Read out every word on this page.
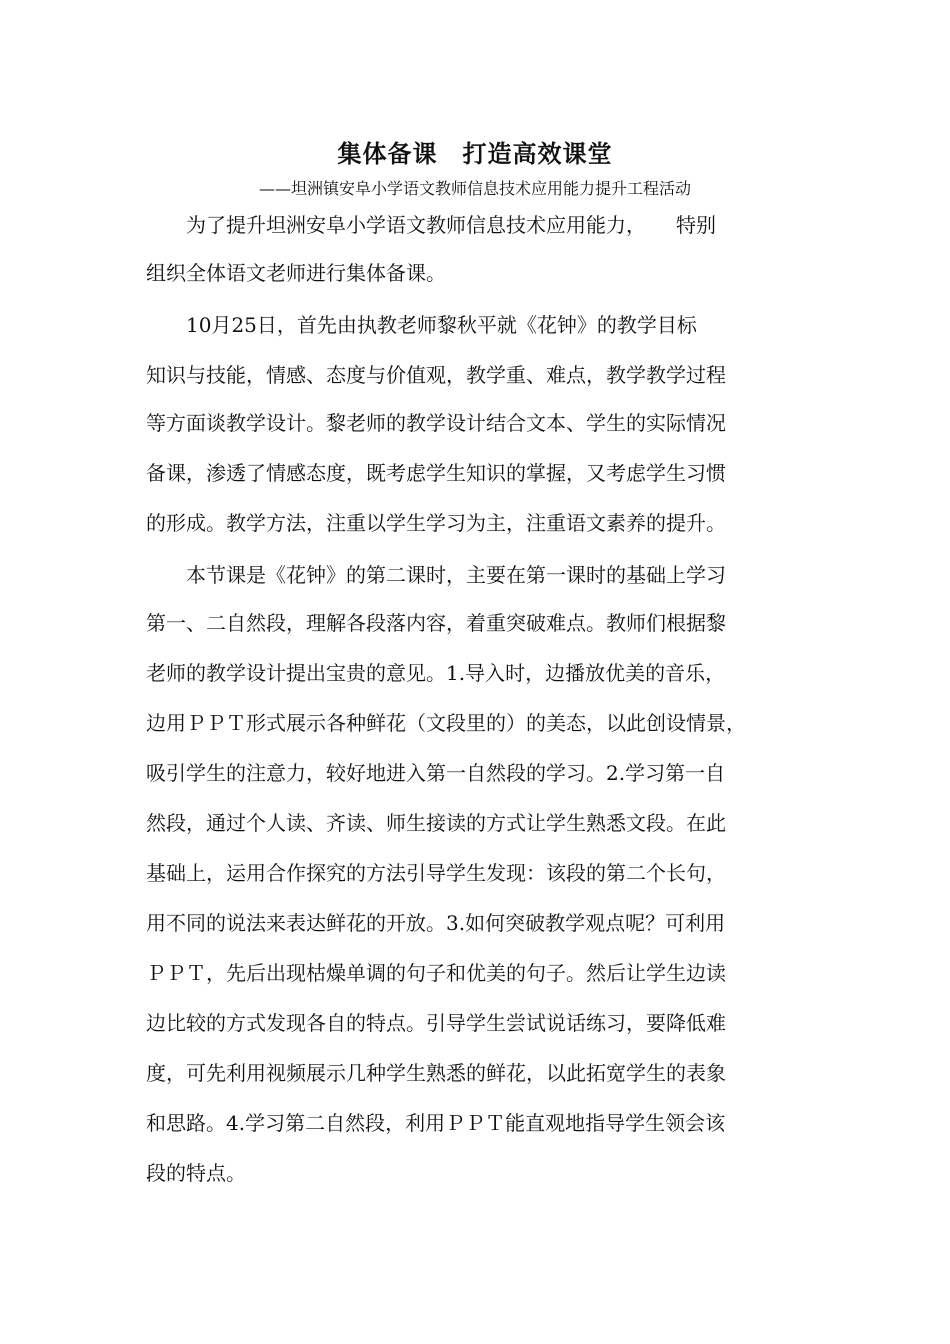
集体备课　打造高效课堂
——坦洲镇安阜小学语文教师信息技术应用能力提升工程活动
　　为了提升坦洲安阜小学语文教师信息技术应用能力，　　特别
组织全体语文老师进行集体备课。
　　10月25日，首先由执教老师黎秋平就《花钟》的教学目标
知识与技能，情感、态度与价值观，教学重、难点，教学教学过程
等方面谈教学设计。黎老师的教学设计结合文本、学生的实际情况
备课，渗透了情感态度，既考虑学生知识的掌握，又考虑学生习惯
的形成。教学方法，注重以学生学习为主，注重语文素养的提升。
　　本节课是《花钟》的第二课时，主要在第一课时的基础上学习
第一、二自然段，理解各段落内容，着重突破难点。教师们根据黎
老师的教学设计提出宝贵的意见。1.导入时，边播放优美的音乐，
边用ＰＰＴ形式展示各种鲜花（文段里的）的美态，以此创设情景，
吸引学生的注意力，较好地进入第一自然段的学习。2.学习第一自
然段，通过个人读、齐读、师生接读的方式让学生熟悉文段。在此
基础上，运用合作探究的方法引导学生发现：该段的第二个长句，
用不同的说法来表达鲜花的开放。3.如何突破教学观点呢？可利用
ＰＰＴ，先后出现枯燥单调的句子和优美的句子。然后让学生边读
边比较的方式发现各自的特点。引导学生尝试说话练习，要降低难
度，可先利用视频展示几种学生熟悉的鲜花，以此拓宽学生的表象
和思路。4.学习第二自然段，利用ＰＰＴ能直观地指导学生领会该
段的特点。
